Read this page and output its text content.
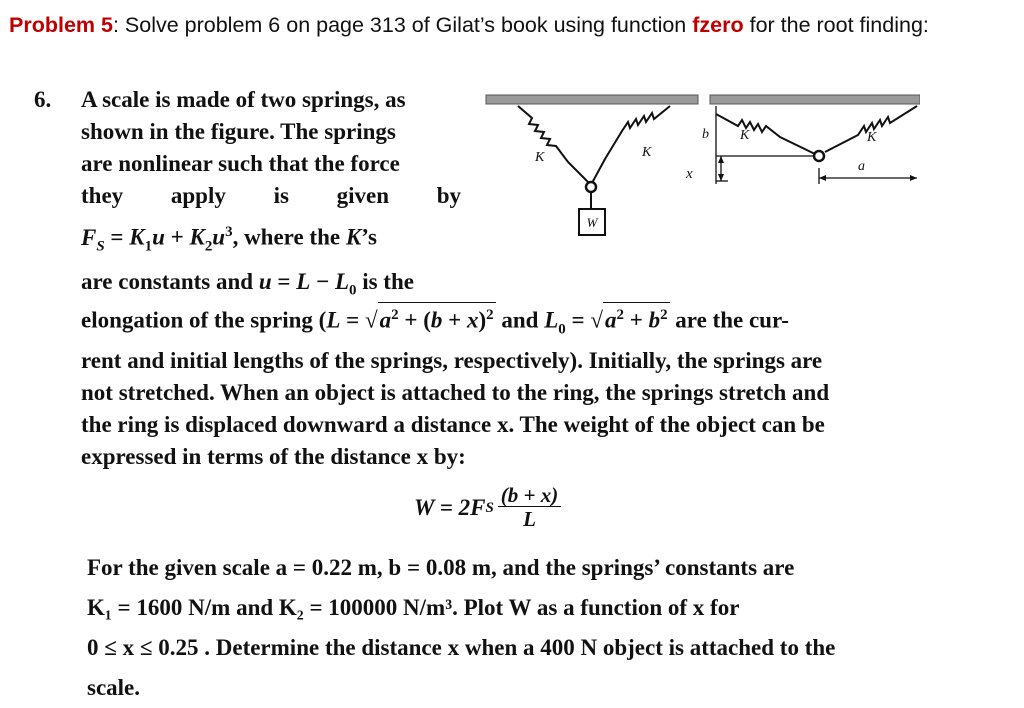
Problem 5: Solve problem 6 on page 313 of Gilat’s book using function fzero for the root finding:
6. A scale is made of two springs, as
shown in the figure. The springs
are nonlinear such that the force
they apply is given by
$F_S = K_1u + K_2u^3$, where the K’s
are constants and $u = L - L_0$ is the
elongation of the spring ($L = √a^2 + (b + x)^2$ and $L_0 = √a^2 + b^2$ are the cur-
rent and initial lengths of the springs, respectively). Initially, the springs are
not stretched. When an object is attached to the ring, the springs stretch and
the ring is displaced downward a distance x. The weight of the object can be
expressed in terms of the distance x by:
W = 2F S $\frac{(b + x)}{L}$
For the given scale a = 0.22 m, b = 0.08 m, and the springs’ constants are
K₁ = 1600 N/m and K₂ = 100000 N/m³. Plot W as a function of x for
0 ≤ x ≤ 0.25 . Determine the distance x when a 400 N object is attached to the
scale.
W
K	K
b
x
K	K
a
